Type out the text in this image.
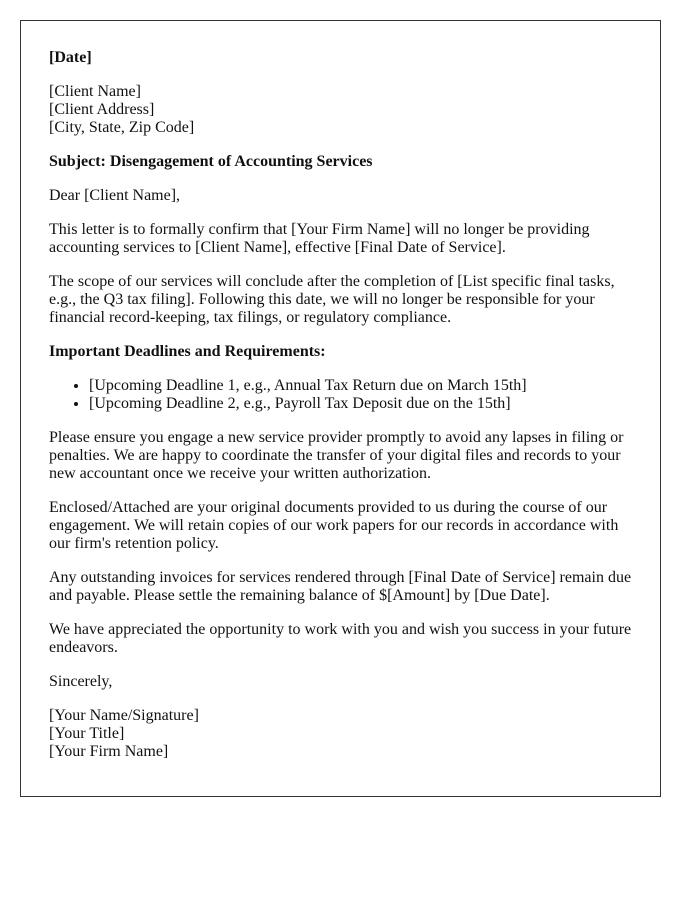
[Date]

[Client Name]
[Client Address]
[City, State, Zip Code]

Subject: Disengagement of Accounting Services

Dear [Client Name],

This letter is to formally confirm that [Your Firm Name] will no longer be providing accounting services to [Client Name], effective [Final Date of Service].

The scope of our services will conclude after the completion of [List specific final tasks, e.g., the Q3 tax filing]. Following this date, we will no longer be responsible for your financial record-keeping, tax filings, or regulatory compliance.

Important Deadlines and Requirements:

• [Upcoming Deadline 1, e.g., Annual Tax Return due on March 15th]
• [Upcoming Deadline 2, e.g., Payroll Tax Deposit due on the 15th]

Please ensure you engage a new service provider promptly to avoid any lapses in filing or penalties. We are happy to coordinate the transfer of your digital files and records to your new accountant once we receive your written authorization.

Enclosed/Attached are your original documents provided to us during the course of our engagement. We will retain copies of our work papers for our records in accordance with our firm's retention policy.

Any outstanding invoices for services rendered through [Final Date of Service] remain due and payable. Please settle the remaining balance of $[Amount] by [Due Date].

We have appreciated the opportunity to work with you and wish you success in your future endeavors.

Sincerely,

[Your Name/Signature]
[Your Title]
[Your Firm Name]
